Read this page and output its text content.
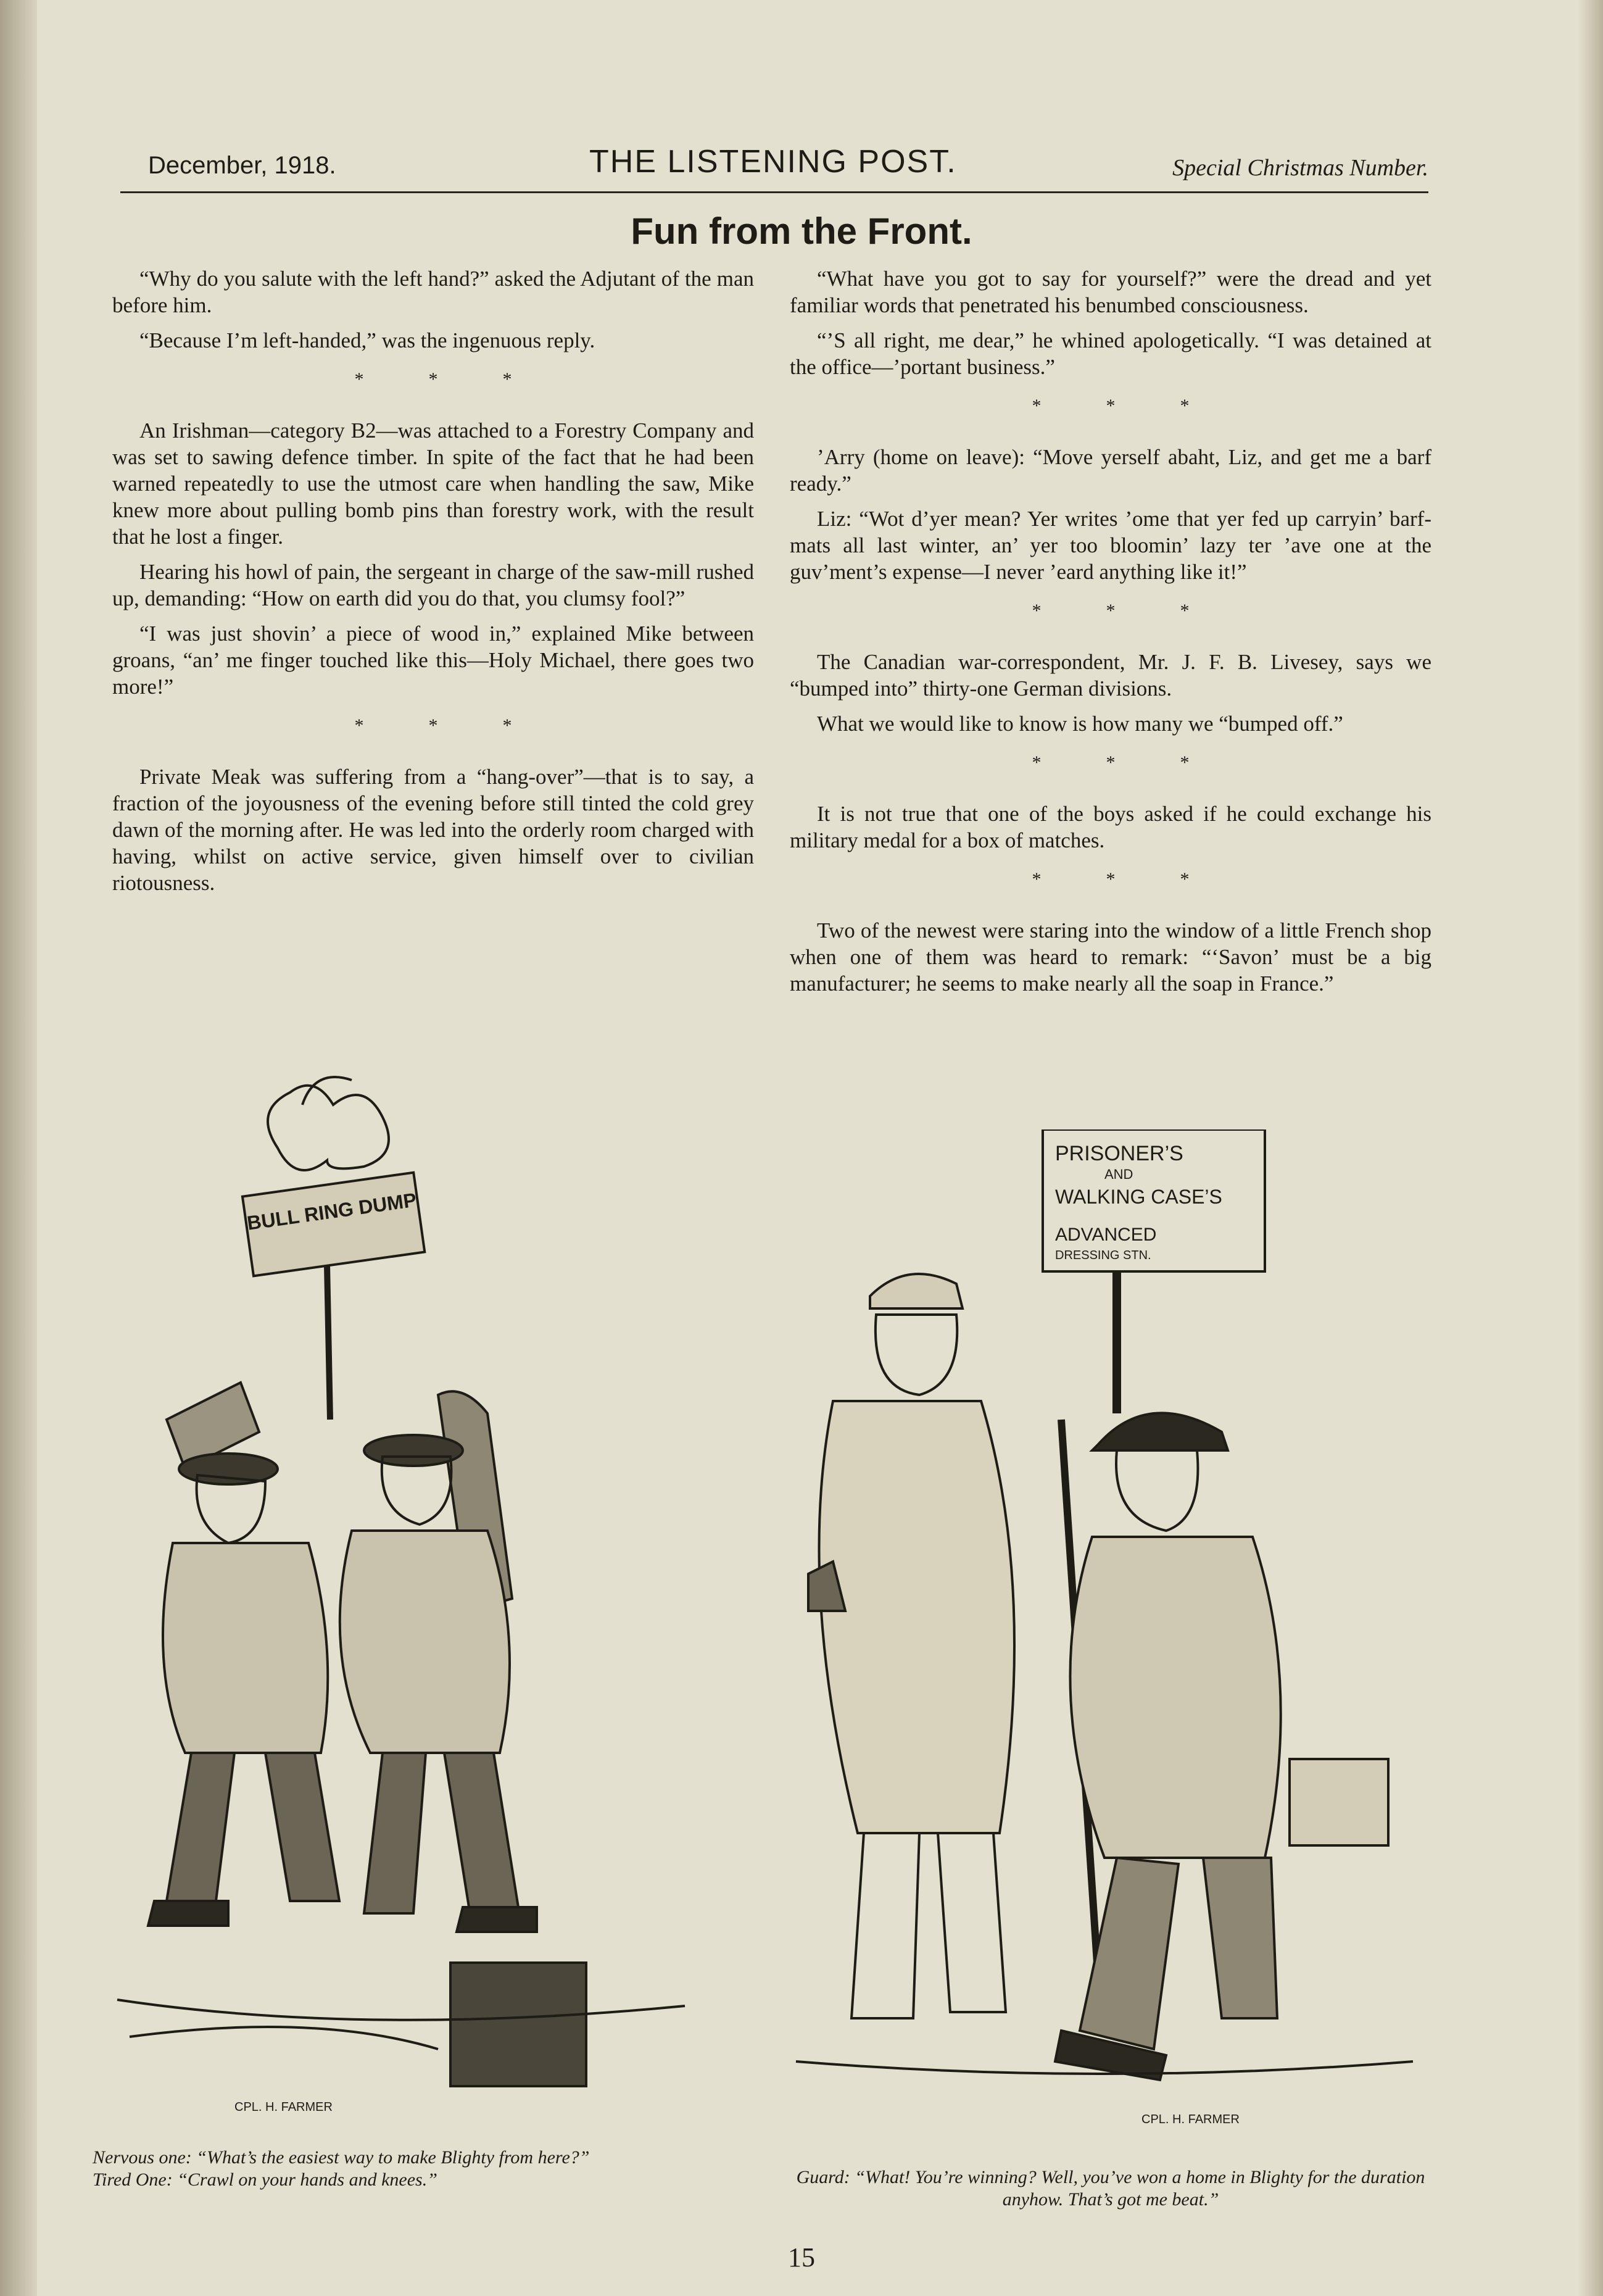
December, 1918.	THE LISTENING POST.	Special Christmas Number.
Fun from the Front.

“Why do you salute with the left hand?” asked the Adjutant of the man before him.

“Because I’m left-handed,” was the ingenuous reply.

*	*	*

An Irishman—category B2—was attached to a Forestry Company and was set to sawing defence timber. In spite of the fact that he had been warned repeatedly to use the utmost care when handling the saw, Mike knew more about pulling bomb pins than forestry work, with the result that he lost a finger.

Hearing his howl of pain, the sergeant in charge of the saw-mill rushed up, demanding: “How on earth did you do that, you clumsy fool?”

“I was just shovin’ a piece of wood in,” explained Mike between groans, “an’ me finger touched like this—Holy Michael, there goes two more!”

*	*	*

Private Meak was suffering from a “hang-over”—that is to say, a fraction of the joyousness of the evening before still tinted the cold grey dawn of the morning after. He was led into the orderly room charged with having, whilst on active service, given himself over to civilian riotousness.

“What have you got to say for yourself?” were the dread and yet familiar words that penetrated his benumbed consciousness.

“’S all right, me dear,” he whined apologetically. “I was detained at the office—’portant business.”

*	*	*

’Arry (home on leave): “Move yerself abaht, Liz, and get me a barf ready.”

Liz: “Wot d’yer mean? Yer writes ’ome that yer fed up carryin’ barf-mats all last winter, an’ yer too bloomin’ lazy ter ’ave one at the guv’ment’s expense—I never ’eard anything like it!”

*	*	*

The Canadian war-correspondent, Mr. J. F. B. Livesey, says we “bumped into” thirty-one German divisions.

What we would like to know is how many we “bumped off.”

*	*	*

It is not true that one of the boys asked if he could exchange his military medal for a box of matches.

*	*	*

Two of the newest were staring into the window of a little French shop when one of them was heard to remark: “‘Savon’ must be a big manufacturer; he seems to make nearly all the soap in France.”

BULL RING DUMP
CPL. H. FARMER
PRISONER’S
AND
WALKING CASE’S
ADVANCED
DRESSING STN.
CPL. H. FARMER
Nervous one: “What’s the easiest way to make Blighty from here?”
Tired One: “Crawl on your hands and knees.”	Guard: “What! You’re winning? Well, you’ve won a home in Blighty for the duration anyhow. That’s got me beat.”
15
